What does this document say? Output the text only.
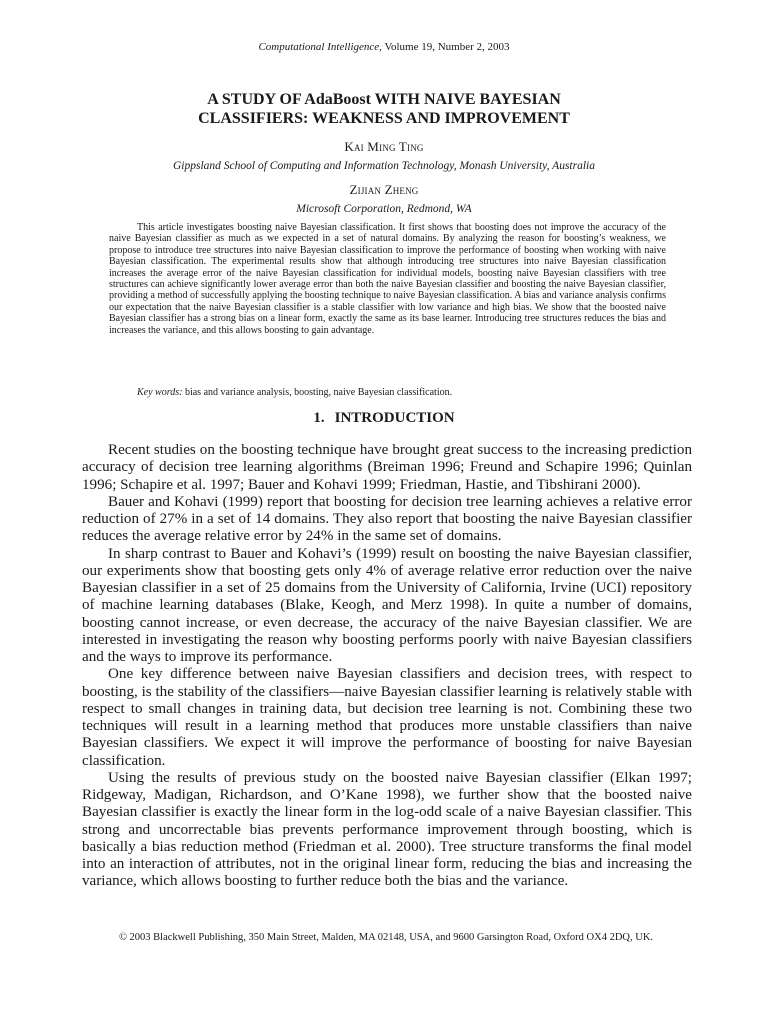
Computational Intelligence, Volume 19, Number 2, 2003
A STUDY OF AdaBoost WITH NAIVE BAYESIAN
CLASSIFIERS: WEAKNESS AND IMPROVEMENT
Kai Ming Ting
Gippsland School of Computing and Information Technology, Monash University, Australia
Zijian Zheng
Microsoft Corporation, Redmond, WA

This article investigates boosting naive Bayesian classification. It first shows that boosting does not improve the accuracy of the naive Bayesian classifier as much as we expected in a set of natural domains. By analyzing the reason for boosting’s weakness, we propose to introduce tree structures into naive Bayesian classification to improve the performance of boosting when working with naive Bayesian classification. The experimental results show that although introducing tree structures into naive Bayesian classification increases the average error of the naive Bayesian classification for individual models, boosting naive Bayesian classifiers with tree structures can achieve significantly lower average error than both the naive Bayesian classifier and boosting the naive Bayesian classifier, providing a method of successfully applying the boosting technique to naive Bayesian classification. A bias and variance analysis confirms our expectation that the naive Bayesian classifier is a stable classifier with low variance and high bias. We show that the boosted naive Bayesian classifier has a strong bias on a linear form, exactly the same as its base learner. Introducing tree structures reduces the bias and increases the variance, and this allows boosting to gain advantage.

Key words: bias and variance analysis, boosting, naive Bayesian classification.

1. INTRODUCTION

Recent studies on the boosting technique have brought great success to the increasing prediction accuracy of decision tree learning algorithms (Breiman 1996; Freund and Schapire 1996; Quinlan 1996; Schapire et al. 1997; Bauer and Kohavi 1999; Friedman, Hastie, and Tibshirani 2000).

Bauer and Kohavi (1999) report that boosting for decision tree learning achieves a relative error reduction of 27% in a set of 14 domains. They also report that boosting the naive Bayesian classifier reduces the average relative error by 24% in the same set of domains.

In sharp contrast to Bauer and Kohavi’s (1999) result on boosting the naive Bayesian classifier, our experiments show that boosting gets only 4% of average relative error reduction over the naive Bayesian classifier in a set of 25 domains from the University of California, Irvine (UCI) repository of machine learning databases (Blake, Keogh, and Merz 1998). In quite a number of domains, boosting cannot increase, or even decrease, the accuracy of the naive Bayesian classifier. We are interested in investigating the reason why boosting performs poorly with naive Bayesian classifiers and the ways to improve its performance.

One key difference between naive Bayesian classifiers and decision trees, with respect to boosting, is the stability of the classifiers—naive Bayesian classifier learning is relatively stable with respect to small changes in training data, but decision tree learning is not. Combining these two techniques will result in a learning method that produces more unstable classifiers than naive Bayesian classifiers. We expect it will improve the performance of boosting for naive Bayesian classification.

Using the results of previous study on the boosted naive Bayesian classifier (Elkan 1997; Ridgeway, Madigan, Richardson, and O’Kane 1998), we further show that the boosted naive Bayesian classifier is exactly the linear form in the log-odd scale of a naive Bayesian classifier. This strong and uncorrectable bias prevents performance improvement through boosting, which is basically a bias reduction method (Friedman et al. 2000). Tree structure transforms the final model into an interaction of attributes, not in the original linear form, reducing the bias and increasing the variance, which allows boosting to further reduce both the bias and the variance.

© 2003 Blackwell Publishing, 350 Main Street, Malden, MA 02148, USA, and 9600 Garsington Road, Oxford OX4 2DQ, UK.
